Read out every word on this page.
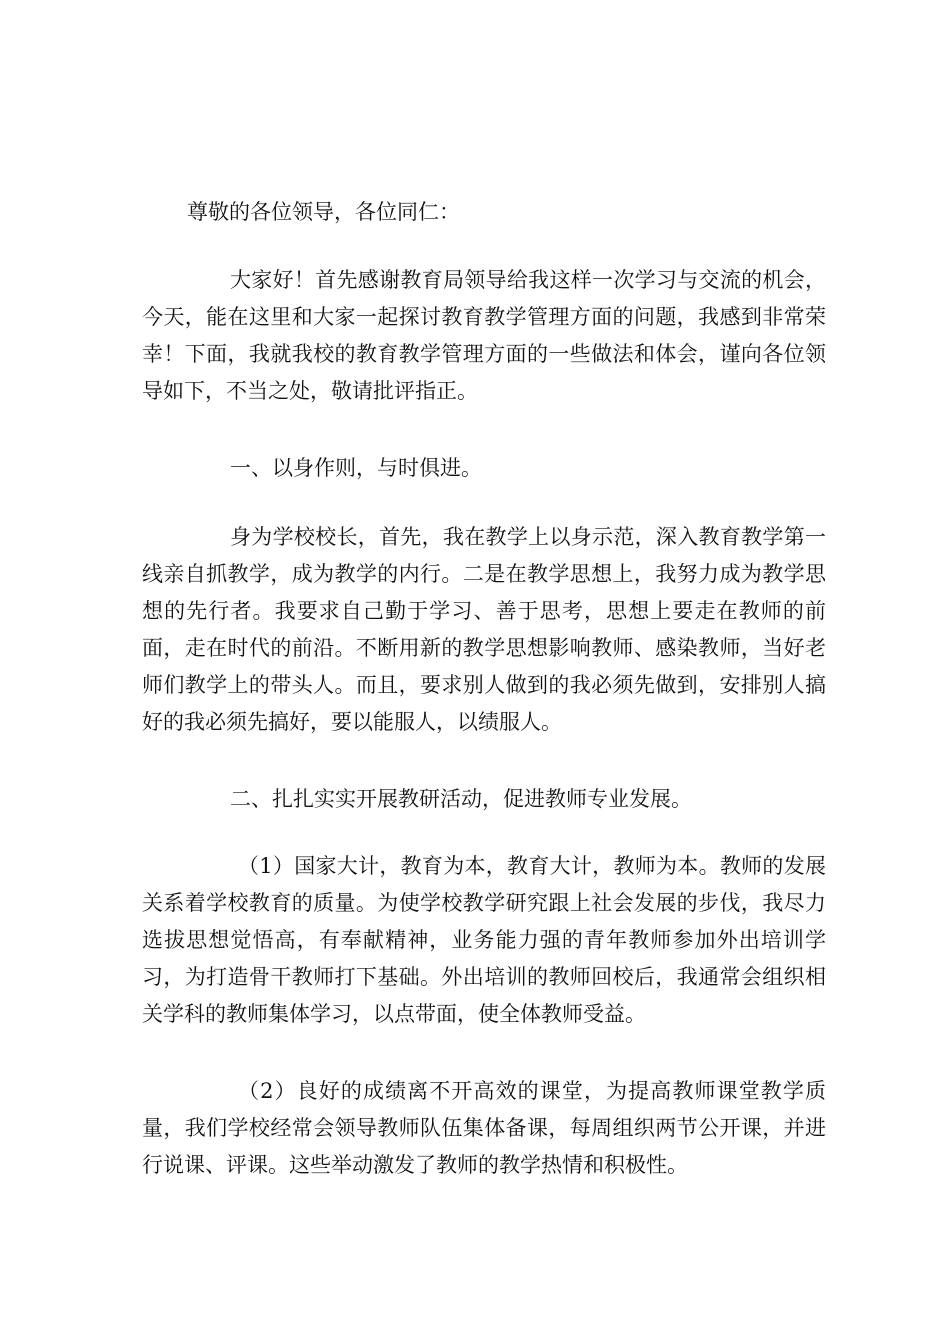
尊敬的各位领导，各位同仁：

大家好！首先感谢教育局领导给我这样一次学习与交流的机会，今天，能在这里和大家一起探讨教育教学管理方面的问题，我感到非常荣幸！下面，我就我校的教育教学管理方面的一些做法和体会，谨向各位领导如下，不当之处，敬请批评指正。

一、以身作则，与时俱进。

身为学校校长，首先，我在教学上以身示范，深入教育教学第一线亲自抓教学，成为教学的内行。二是在教学思想上，我努力成为教学思想的先行者。我要求自己勤于学习、善于思考，思想上要走在教师的前面，走在时代的前沿。不断用新的教学思想影响教师、感染教师，当好老师们教学上的带头人。而且，要求别人做到的我必须先做到，安排别人搞好的我必须先搞好，要以能服人，以绩服人。

二、扎扎实实开展教研活动，促进教师专业发展。

（1）国家大计，教育为本，教育大计，教师为本。教师的发展关系着学校教育的质量。为使学校教学研究跟上社会发展的步伐，我尽力选拔思想觉悟高，有奉献精神，业务能力强的青年教师参加外出培训学习，为打造骨干教师打下基础。外出培训的教师回校后，我通常会组织相关学科的教师集体学习，以点带面，使全体教师受益。

（2）良好的成绩离不开高效的课堂，为提高教师课堂教学质量，我们学校经常会领导教师队伍集体备课，每周组织两节公开课，并进行说课、评课。这些举动激发了教师的教学热情和积极性。
